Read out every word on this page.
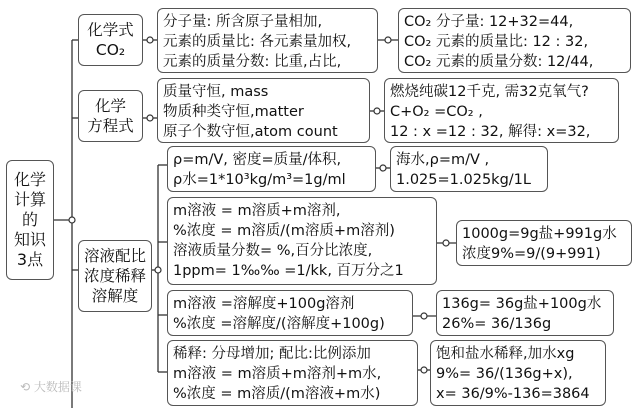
化学
计算
的
知识
3点
化学式
CO₂
分子量: 所含原子量相加,
元素的质量比: 各元素量加权,
元素的质量分数: 比重,占比,
CO₂ 分子量: 12+32=44,
CO₂ 元素的质量比: 12 : 32,
CO₂ 元素的质量分数: 12/44,
化学
方程式
质量守恒, mass
物质种类守恒,matter
原子个数守恒,atom count
燃烧纯碳12千克, 需32克氧气?
C+O₂ =CO₂ ,
12 : x =12 : 32, 解得: x=32,
溶液配比
浓度稀释
溶解度
ρ=m/V, 密度=质量/体积,
ρ水=1*10³kg/m³=1g/ml
海水,ρ=m/V ,
1.025=1.025kg/1L
m溶液 = m溶质+m溶剂,
%浓度 = m溶质/(m溶质+m溶剂)
溶液质量分数= %,百分比浓度,
1ppm= 1‰‰ =1/kk, 百万分之1
1000g=9g盐+991g水
浓度9%=9/(9+991)
m溶液 =溶解度+100g溶剂
%浓度 =溶解度/(溶解度+100g)
136g= 36g盐+100g水
26%= 36/136g
稀释: 分母增加; 配比:比例添加
m溶液 = m溶质+m溶剂+m水,
%浓度 = m溶质/(m溶液+m水)
饱和盐水稀释,加水xg
9%= 36/(136g+x),
x= 36/9%-136=3864
⟲ 大数据课
